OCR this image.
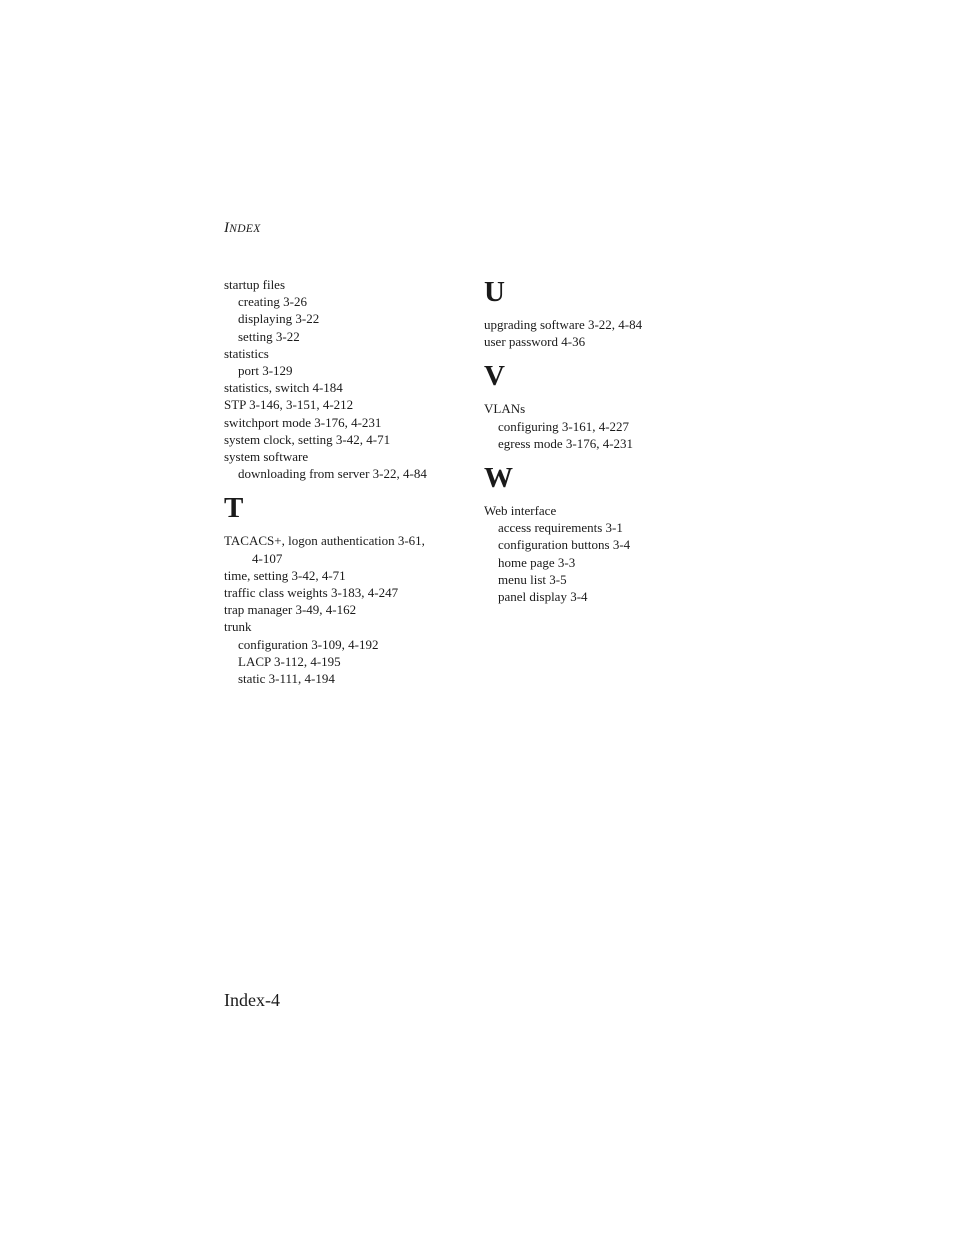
INDEX
startup files
creating 3-26
displaying 3-22
setting 3-22
statistics
port 3-129
statistics, switch 4-184
STP 3-146, 3-151, 4-212
switchport mode 3-176, 4-231
system clock, setting 3-42, 4-71
system software
downloading from server 3-22, 4-84
T
TACACS+, logon authentication 3-61,
4-107
time, setting 3-42, 4-71
traffic class weights 3-183, 4-247
trap manager 3-49, 4-162
trunk
configuration 3-109, 4-192
LACP 3-112, 4-195
static 3-111, 4-194
U
upgrading software 3-22, 4-84
user password 4-36
V
VLANs
configuring 3-161, 4-227
egress mode 3-176, 4-231
W
Web interface
access requirements 3-1
configuration buttons 3-4
home page 3-3
menu list 3-5
panel display 3-4
Index-4
